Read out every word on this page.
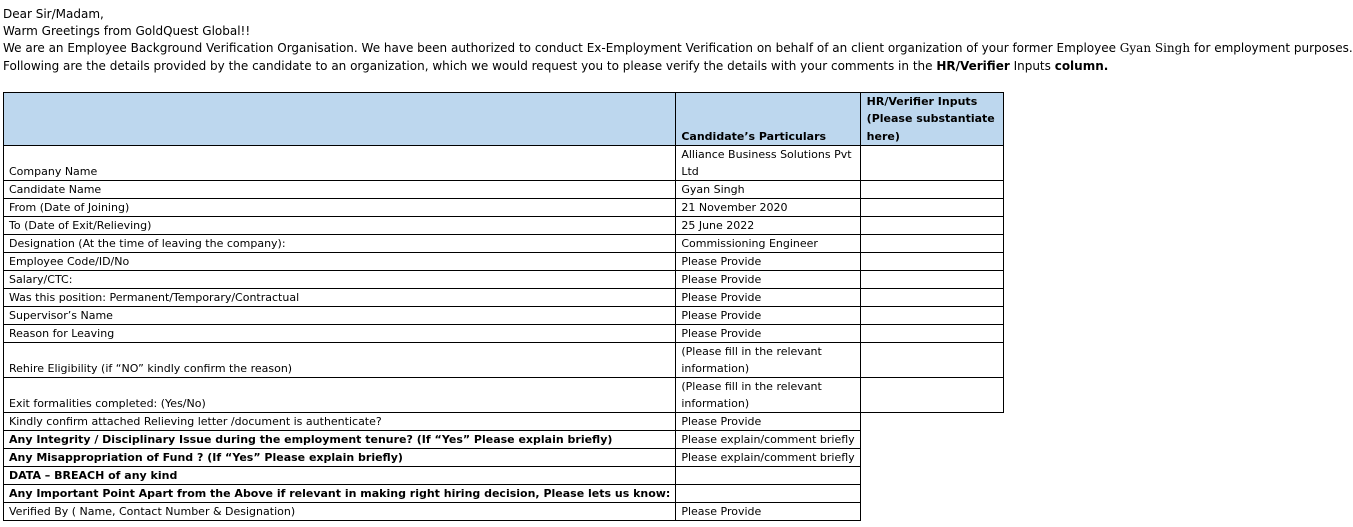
Dear Sir/Madam,

Warm Greetings from GoldQuest Global!!

We are an Employee Background Verification Organisation. We have been authorized to conduct Ex-Employment Verification on behalf of an client organization of your former Employee Gyan Singh for employment purposes.

Following are the details provided by the candidate to an organization, which we would request you to please verify the details with your comments in the HR/Verifier Inputs column.

	Candidate’s Particulars	HR/Verifier Inputs (Please substantiate here)
Company Name	Alliance Business Solutions Pvt Ltd	
Candidate Name	Gyan Singh	
From (Date of Joining)	21 November 2020	
To (Date of Exit/Relieving)	25 June 2022	
Designation (At the time of leaving the company):	Commissioning Engineer	
Employee Code/ID/No	Please Provide	
Salary/CTC:	Please Provide	
Was this position: Permanent/Temporary/Contractual	Please Provide	
Supervisor’s Name	Please Provide	
Reason for Leaving	Please Provide	
Rehire Eligibility (if “NO” kindly confirm the reason)	(Please fill in the relevant information)	
Exit formalities completed: (Yes/No)	(Please fill in the relevant information)	
Kindly confirm attached Relieving letter /document is authenticate?	Please Provide	
Any Integrity / Disciplinary Issue during the employment tenure? (If “Yes” Please explain briefly)	Please explain/comment briefly	
Any Misappropriation of Fund ? (If “Yes” Please explain briefly)	Please explain/comment briefly	
DATA – BREACH of any kind		
Any Important Point Apart from the Above if relevant in making right hiring decision, Please lets us know:		
Verified By ( Name, Contact Number & Designation)	Please Provide	
